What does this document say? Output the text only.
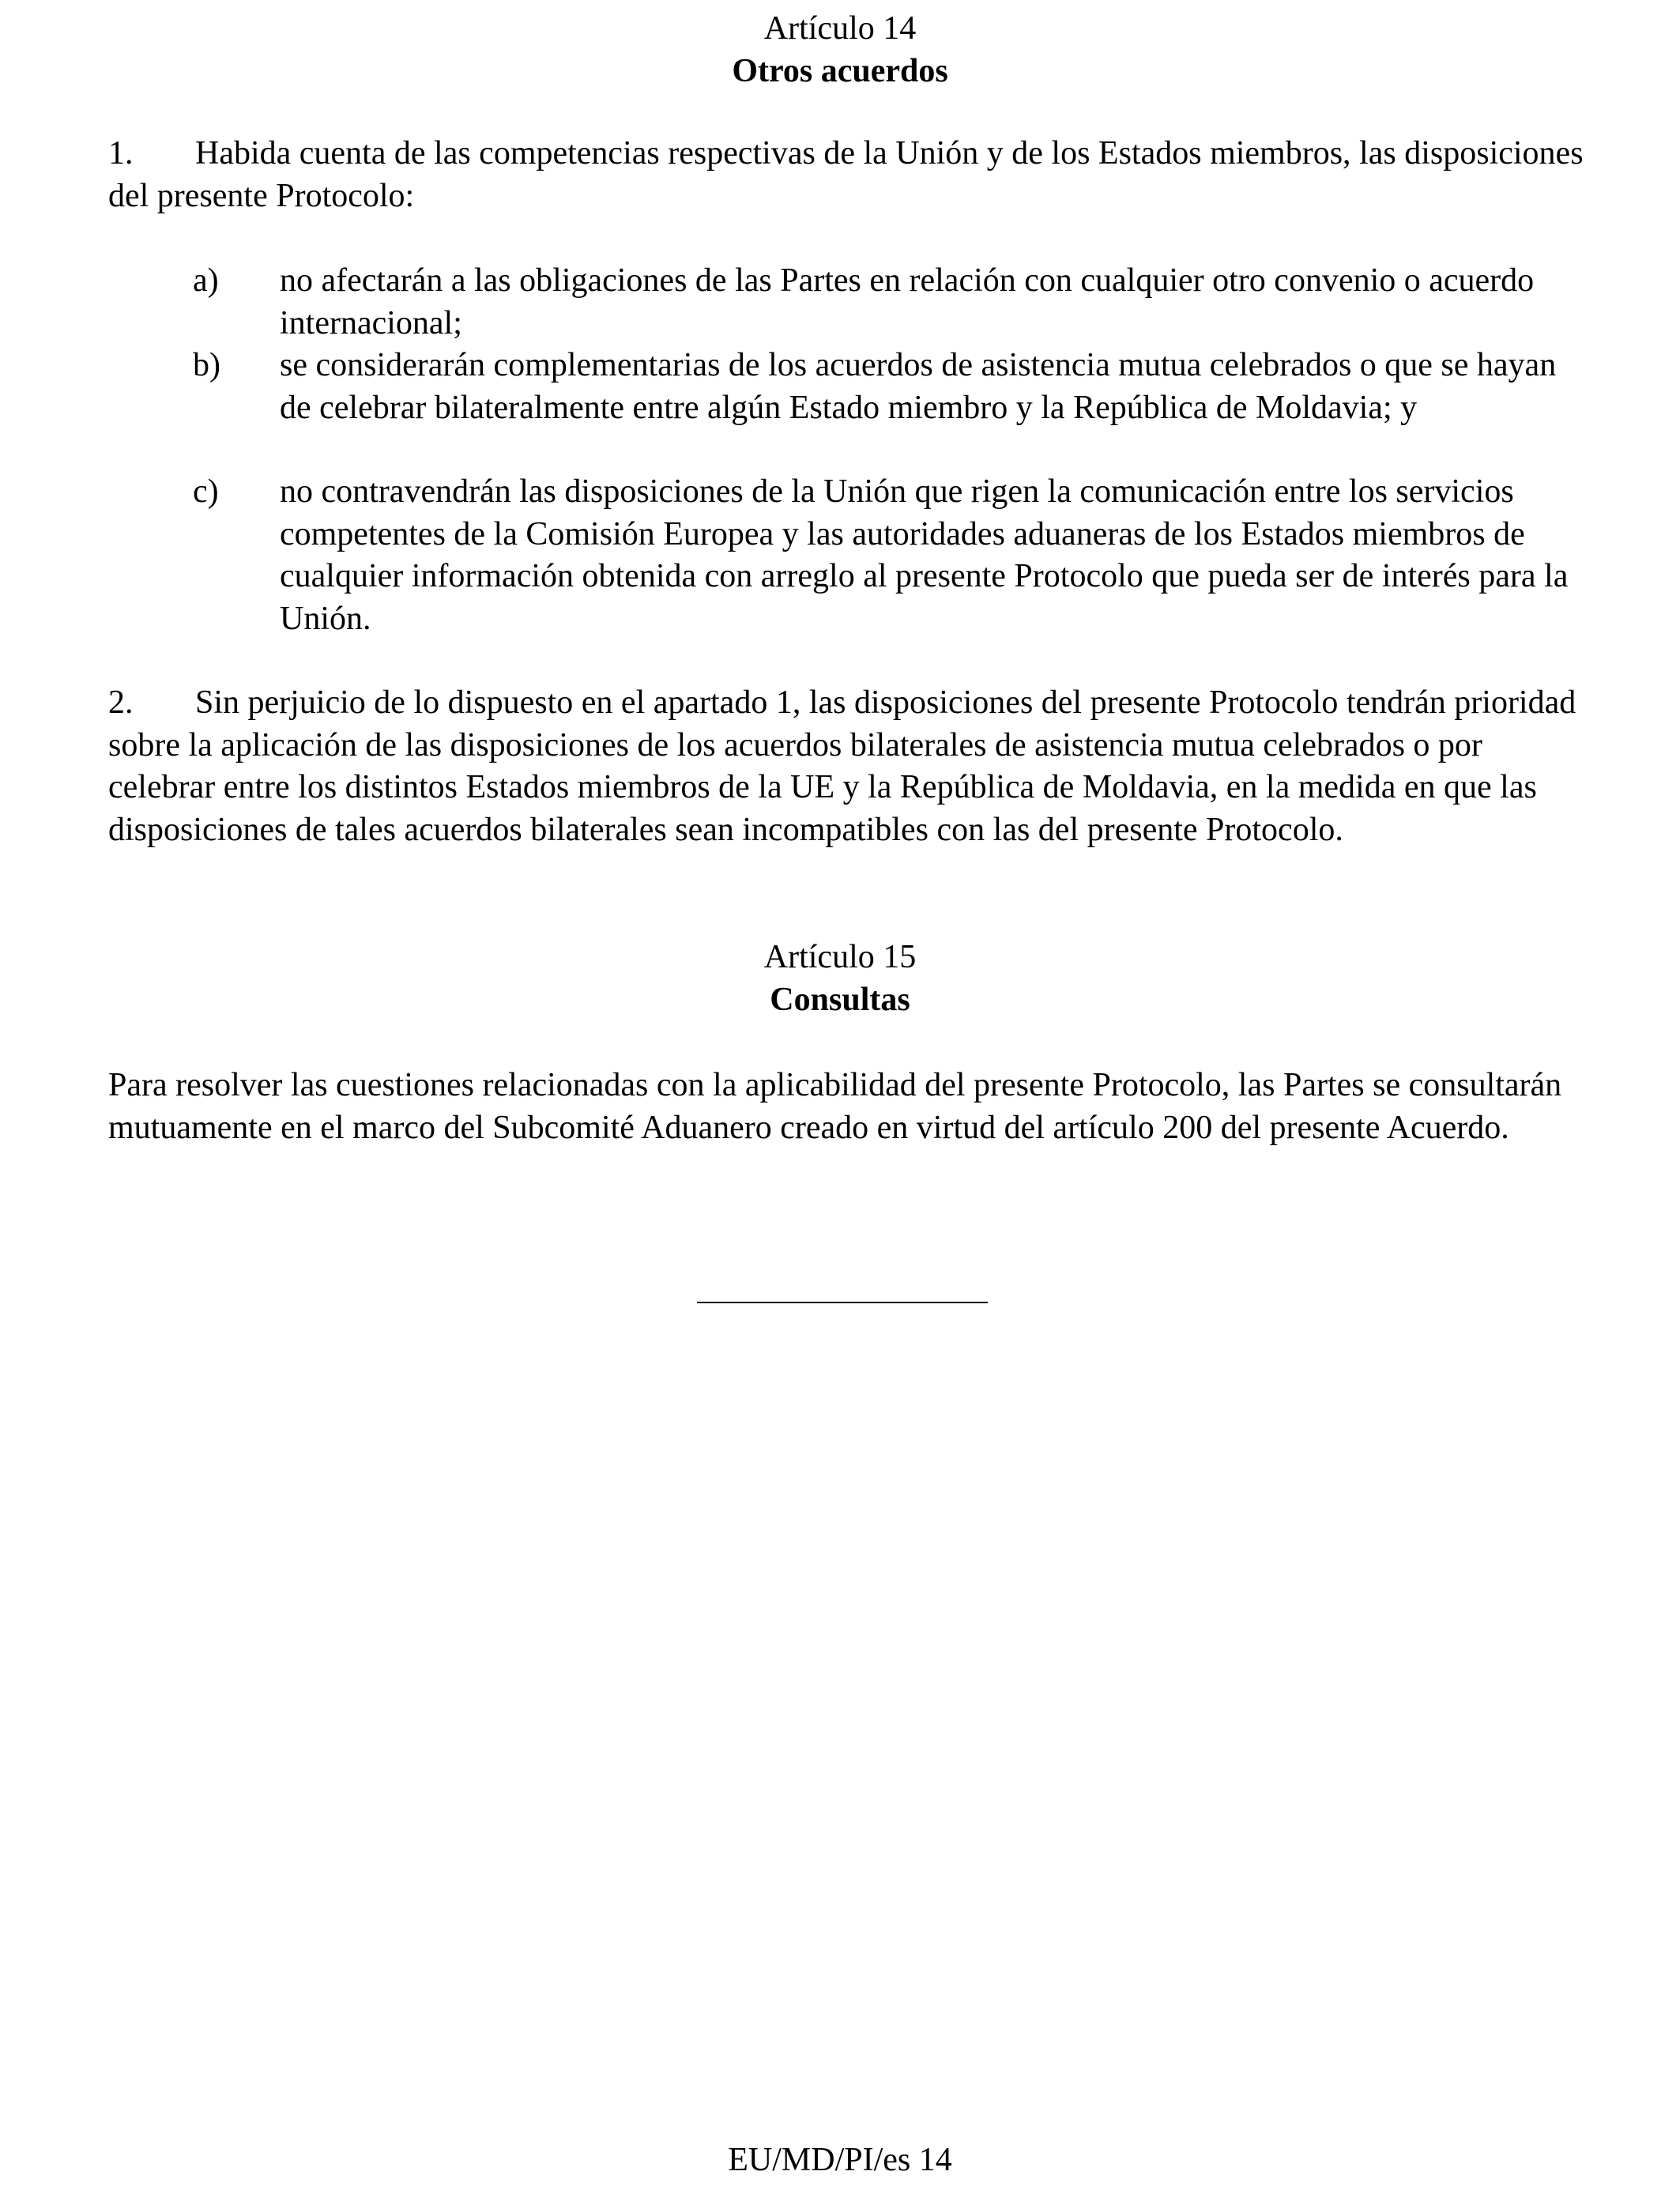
Artículo 14
Otros acuerdos
1. Habida cuenta de las competencias respectivas de la Unión y de los Estados miembros, las disposiciones del presente Protocolo:
a) no afectarán a las obligaciones de las Partes en relación con cualquier otro convenio o acuerdo internacional;
b) se considerarán complementarias de los acuerdos de asistencia mutua celebrados o que se hayan de celebrar bilateralmente entre algún Estado miembro y la República de Moldavia; y
c) no contravendrán las disposiciones de la Unión que rigen la comunicación entre los servicios competentes de la Comisión Europea y las autoridades aduaneras de los Estados miembros de cualquier información obtenida con arreglo al presente Protocolo que pueda ser de interés para la Unión.
2. Sin perjuicio de lo dispuesto en el apartado 1, las disposiciones del presente Protocolo tendrán prioridad sobre la aplicación de las disposiciones de los acuerdos bilaterales de asistencia mutua celebrados o por celebrar entre los distintos Estados miembros de la UE y la República de Moldavia, en la medida en que las disposiciones de tales acuerdos bilaterales sean incompatibles con las del presente Protocolo.
Artículo 15
Consultas
Para resolver las cuestiones relacionadas con la aplicabilidad del presente Protocolo, las Partes se consultarán mutuamente en el marco del Subcomité Aduanero creado en virtud del artículo 200 del presente Acuerdo.
EU/MD/PI/es 14
